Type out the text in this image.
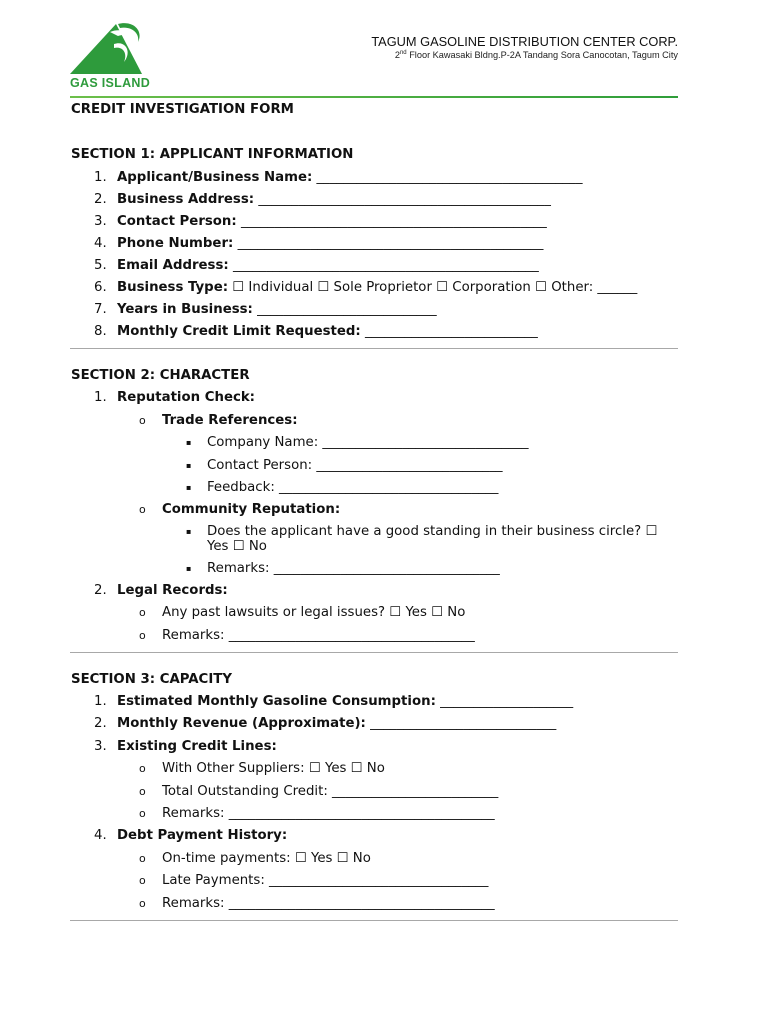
GAS ISLAND
TAGUM GASOLINE DISTRIBUTION CENTER CORP.
2nd Floor Kawasaki Bldng.P-2A Tandang Sora Canocotan, Tagum City
CREDIT INVESTIGATION FORM
SECTION 1: APPLICANT INFORMATION
1. Applicant/Business Name: ________________________________________
2. Business Address: ____________________________________________
3. Contact Person: ______________________________________________
4. Phone Number: ______________________________________________
5. Email Address: ______________________________________________
6. Business Type: ☐ Individual ☐ Sole Proprietor ☐ Corporation ☐ Other: ______
7. Years in Business: ___________________________
8. Monthly Credit Limit Requested: __________________________
SECTION 2: CHARACTER
1. Reputation Check:
o Trade References:
▪ Company Name: _______________________________
▪ Contact Person: ____________________________
▪ Feedback: _________________________________
o Community Reputation:
▪ Does the applicant have a good standing in their business circle? ☐
Yes ☐ No
▪ Remarks: __________________________________
2. Legal Records:
o Any past lawsuits or legal issues? ☐ Yes ☐ No
o Remarks: _____________________________________
SECTION 3: CAPACITY
1. Estimated Monthly Gasoline Consumption: ____________________
2. Monthly Revenue (Approximate): ____________________________
3. Existing Credit Lines:
o With Other Suppliers: ☐ Yes ☐ No
o Total Outstanding Credit: _________________________
o Remarks: ________________________________________
4. Debt Payment History:
o On-time payments: ☐ Yes ☐ No
o Late Payments: _________________________________
o Remarks: ________________________________________
